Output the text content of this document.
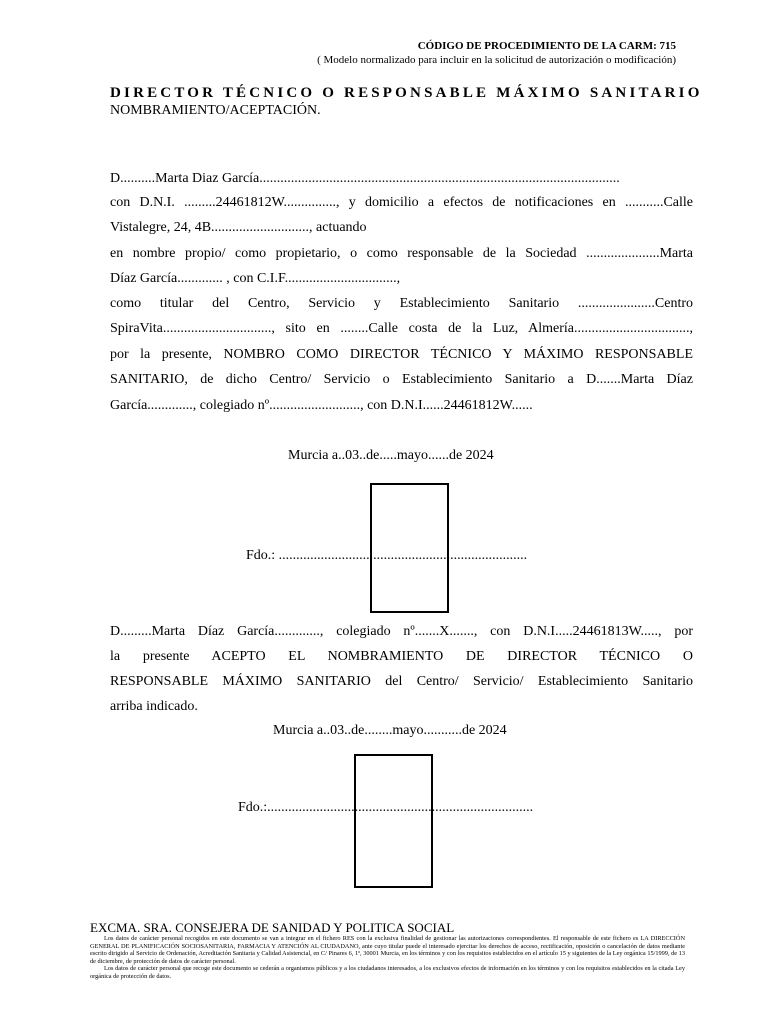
CÓDIGO DE PROCEDIMIENTO DE LA CARM: 715
( Modelo normalizado para incluir en la solicitud de autorización o modificación)
DIRECTOR TÉCNICO O RESPONSABLE MÁXIMO SANITARIO
NOMBRAMIENTO/ACEPTACIÓN.
D..........Marta Diaz García.......................................................................................................
con D.N.I. .........24461812W..............., y domicilio a efectos de notificaciones en ...........Calle
Vistalegre, 24, 4B............................, actuando
en nombre propio/ como propietario, o como responsable de la Sociedad .....................Marta
Díaz García............. , con C.I.F................................,
como titular del Centro, Servicio y Establecimiento Sanitario ......................Centro
SpiraVita..............................., sito en ........Calle costa de la Luz, Almería.................................,
por la presente, NOMBRO COMO DIRECTOR TÉCNICO Y MÁXIMO RESPONSABLE
SANITARIO, de dicho Centro/ Servicio o Establecimiento Sanitario a D.......Marta Díaz
García............., colegiado nº.........................., con D.N.I......24461812W......
Murcia a..03..de.....mayo......de 2024
Fdo.: .......................................................................
D.........Marta Díaz García............., colegiado nº.......X......., con D.N.I.....24461813W....., por
la presente ACEPTO EL NOMBRAMIENTO DE DIRECTOR TÉCNICO O
RESPONSABLE MÁXIMO SANITARIO del Centro/ Servicio/ Establecimiento Sanitario
arriba indicado.
Murcia a..03..de........mayo...........de 2024
Fdo.:............................................................................
EXCMA. SRA. CONSEJERA DE SANIDAD Y POLITICA SOCIAL
Los datos de carácter personal recogidos en este documento se van a integrar en el fichero RES con la exclusiva finalidad de gestionar las autorizaciones correspondientes. El responsable de este fichero es LA DIRECCIÓN GENERAL DE PLANIFICACIÓN SOCIOSANITARIA, FARMACIA Y ATENCIÓN AL CIUDADANO, ante cuyo titular puede el interesado ejercitar los derechos de acceso, rectificación, oposición o cancelación de datos mediante escrito dirigido al Servicio de Ordenación, Acreditación Sanitaria y Calidad Asistencial, en C/ Pinares 6, 1º, 30001 Murcia, en los términos y con los requisitos establecidos en el artículo 15 y siguientes de la Ley orgánica 15/1999, de 13 de diciembre, de protección de datos de carácter personal.
Los datos de carácter personal que recoge este documento se cederán a organismos públicos y a los ciudadanos interesados, a los exclusivos efectos de información en los términos y con los requisitos establecidos en la citada Ley orgánica de protección de datos.
